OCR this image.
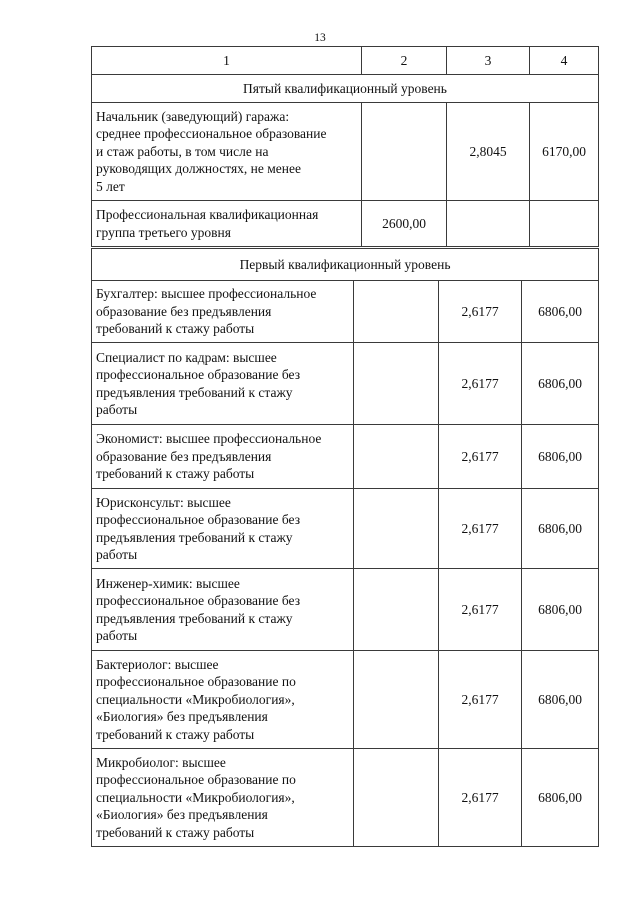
13
1	2	3	4
Пятый квалификационный уровень			
Начальник (заведующий) гаража:
среднее профессиональное образование
и стаж работы, в том числе на
руководящих должностях, не менее
5 лет		2,8045	6170,00
Профессиональная квалификационная
группа третьего уровня	2600,00		
Первый квалификационный уровень			
Бухгалтер: высшее профессиональное
образование без предъявления
требований к стажу работы		2,6177	6806,00
Специалист по кадрам: высшее
профессиональное образование без
предъявления требований к стажу
работы		2,6177	6806,00
Экономист: высшее профессиональное
образование без предъявления
требований к стажу работы		2,6177	6806,00
Юрисконсульт: высшее
профессиональное образование без
предъявления требований к стажу
работы		2,6177	6806,00
Инженер-химик: высшее
профессиональное образование без
предъявления требований к стажу
работы		2,6177	6806,00
Бактериолог: высшее
профессиональное образование по
специальности «Микробиология»,
«Биология» без предъявления
требований к стажу работы		2,6177	6806,00
Микробиолог: высшее
профессиональное образование по
специальности «Микробиология»,
«Биология» без предъявления
требований к стажу работы		2,6177	6806,00
